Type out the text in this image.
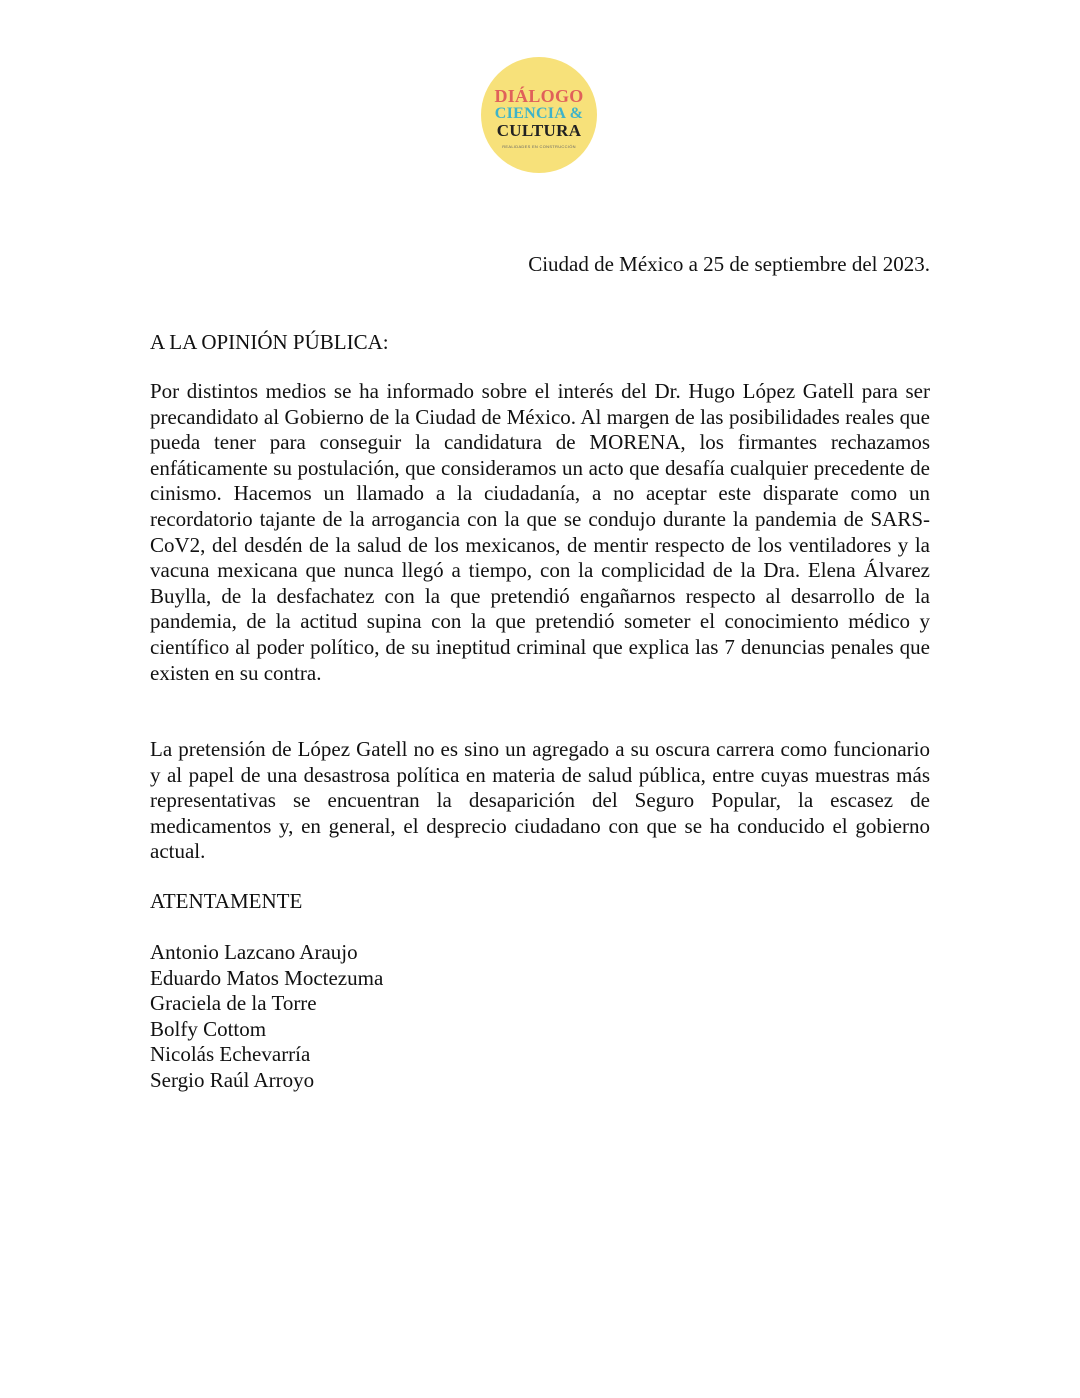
DIÁLOGO
CIENCIA &
CULTURA
REALIDADES EN CONSTRUCCIÓN
Ciudad de México a 25 de septiembre del 2023.
A LA OPINIÓN PÚBLICA:

Por distintos medios se ha informado sobre el interés del Dr. Hugo López Gatell para ser precandidato al Gobierno de la Ciudad de México. Al margen de las posibilidades reales que pueda tener para conseguir la candidatura de MORENA, los firmantes rechazamos enfáticamente su postulación, que consideramos un acto que desafía cualquier precedente de cinismo. Hacemos un llamado a la ciudadanía, a no aceptar este disparate como un recordatorio tajante de la arrogancia con la que se condujo durante la pandemia de SARS-CoV2, del desdén de la salud de los mexicanos, de mentir respecto de los ventiladores y la vacuna mexicana que nunca llegó a tiempo, con la complicidad de la Dra. Elena Álvarez Buylla, de la desfachatez con la que pretendió engañarnos respecto al desarrollo de la pandemia, de la actitud supina con la que pretendió someter el conocimiento médico y científico al poder político, de su ineptitud criminal que explica las 7 denuncias penales que existen en su contra.

La pretensión de López Gatell no es sino un agregado a su oscura carrera como funcionario y al papel de una desastrosa política en materia de salud pública, entre cuyas muestras más representativas se encuentran la desaparición del Seguro Popular, la escasez de medicamentos y, en general, el desprecio ciudadano con que se ha conducido el gobierno actual.

ATENTAMENTE
Antonio Lazcano Araujo
Eduardo Matos Moctezuma
Graciela de la Torre
Bolfy Cottom
Nicolás Echevarría
Sergio Raúl Arroyo
